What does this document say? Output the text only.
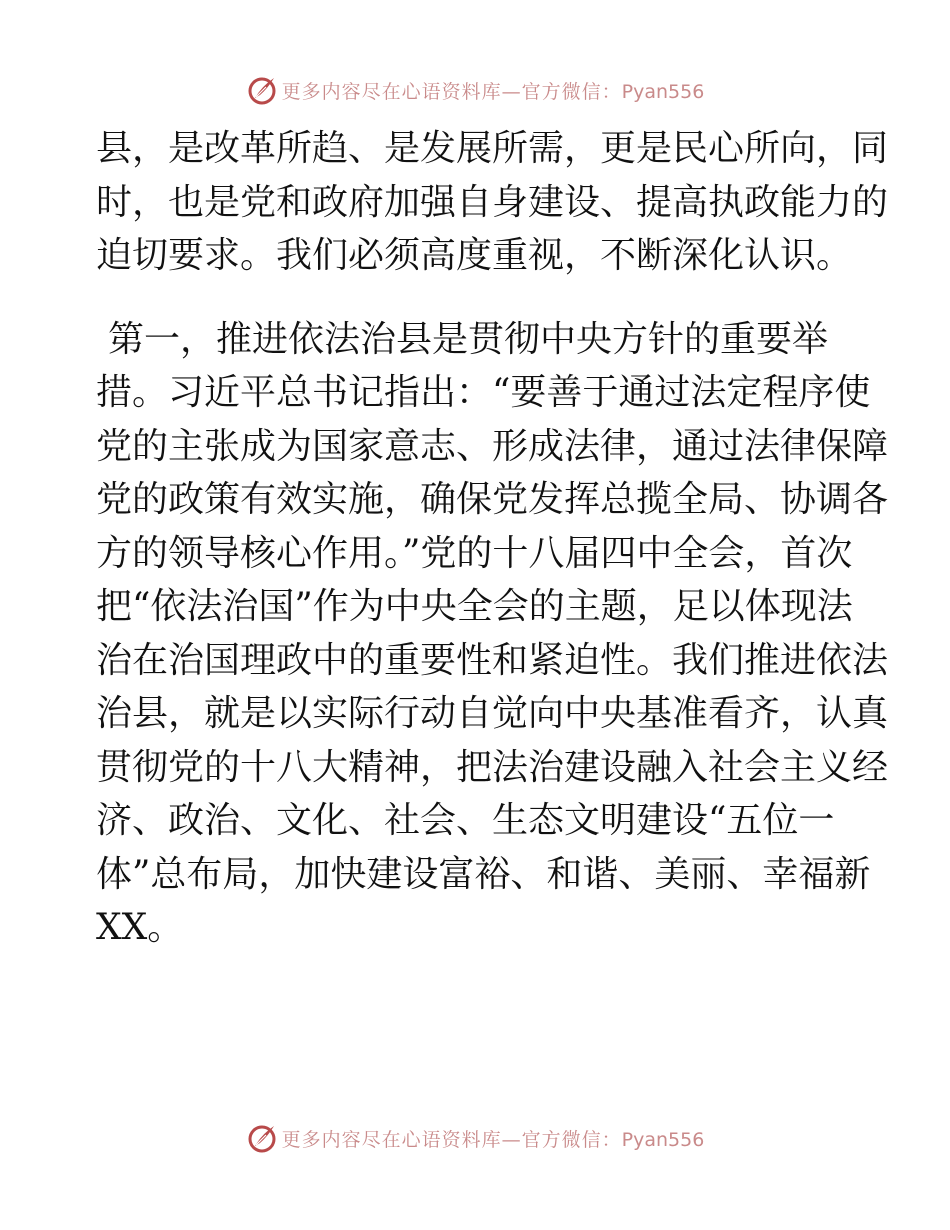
更多内容尽在心语资料库—官方微信：Pyan556
县，是改革所趋、是发展所需，更是民心所向，同
时，也是党和政府加强自身建设、提高执政能力的
迫切要求。我们必须高度重视，不断深化认识。
第一，推进依法治县是贯彻中央方针的重要举
措。习近平总书记指出：“要善于通过法定程序使
党的主张成为国家意志、形成法律，通过法律保障
党的政策有效实施，确保党发挥总揽全局、协调各
方的领导核心作用。”党的十八届四中全会，首次
把“依法治国”作为中央全会的主题，足以体现法
治在治国理政中的重要性和紧迫性。我们推进依法
治县，就是以实际行动自觉向中央基准看齐，认真
贯彻党的十八大精神，把法治建设融入社会主义经
济、政治、文化、社会、生态文明建设“五位一
体”总布局，加快建设富裕、和谐、美丽、幸福新
XX。
更多内容尽在心语资料库—官方微信：Pyan556
